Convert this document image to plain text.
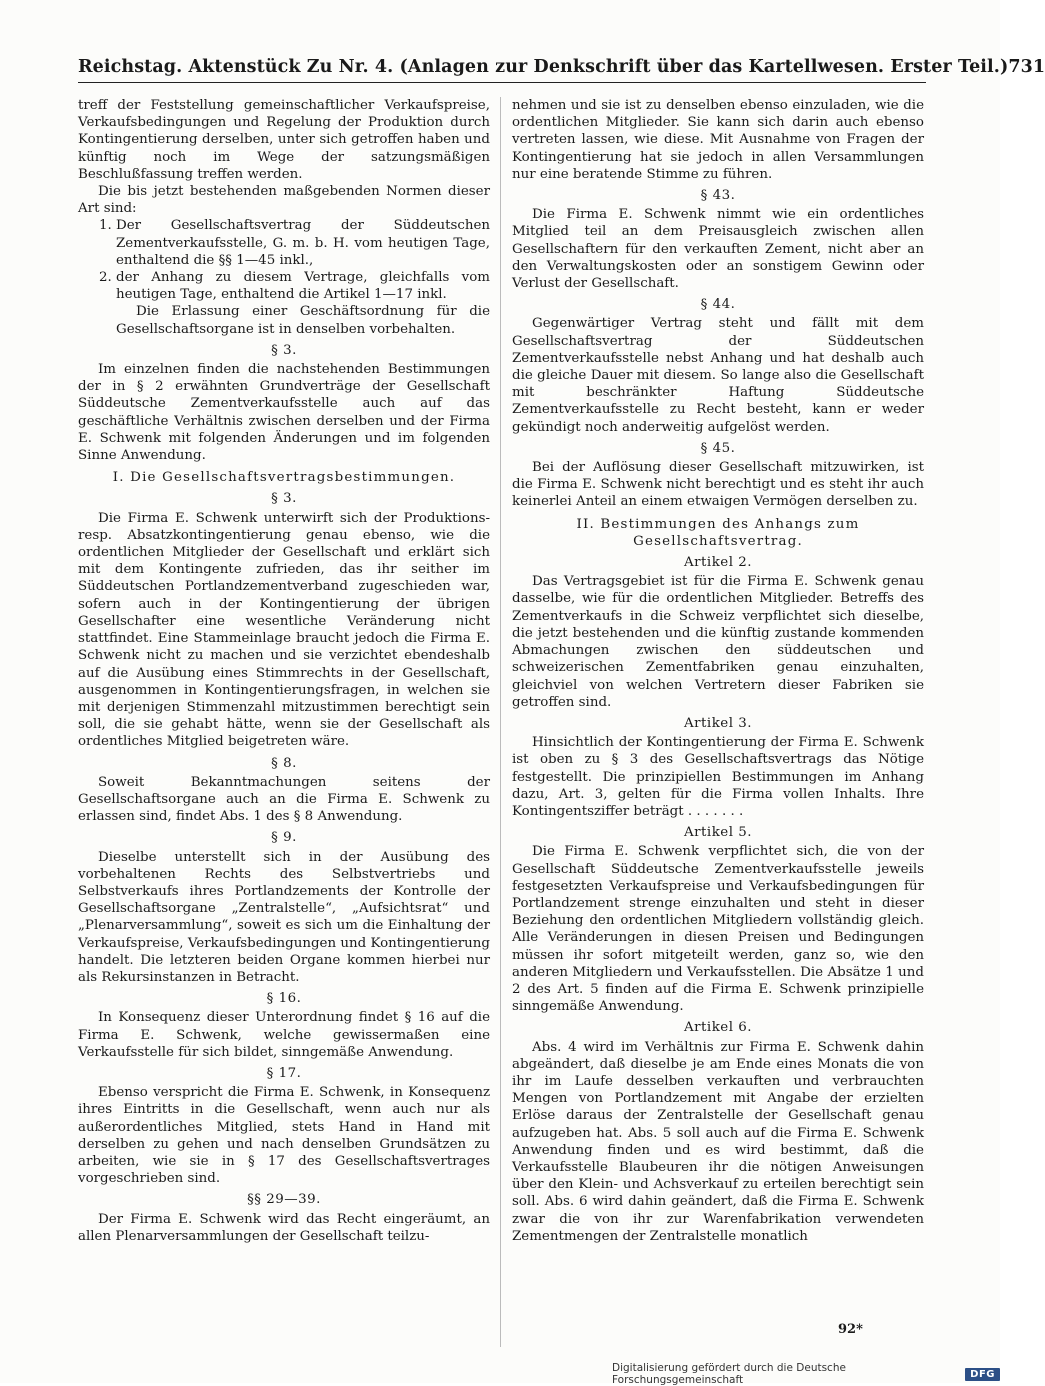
Reichstag. Aktenstück Zu Nr. 4. (Anlagen zur Denkschrift über das Kartellwesen. Erster Teil.) 731

treff der Feststellung gemeinschaftlicher Verkaufspreise, Verkaufsbedingungen und Regelung der Produktion durch Kontingentierung derselben, unter sich getroffen haben und künftig noch im Wege der satzungsmäßigen Beschlußfassung treffen werden.

Die bis jetzt bestehenden maßgebenden Normen dieser Art sind:

1. Der Gesellschaftsvertrag der Süddeutschen Zementverkaufsstelle, G. m. b. H. vom heutigen Tage, enthaltend die §§ 1—45 inkl.,
2. der Anhang zu diesem Vertrage, gleichfalls vom heutigen Tage, enthaltend die Artikel 1—17 inkl.

Die Erlassung einer Geschäftsordnung für die Gesellschaftsorgane ist in denselben vorbehalten.

§ 3.

Im einzelnen finden die nachstehenden Bestimmungen der in § 2 erwähnten Grundverträge der Gesellschaft Süddeutsche Zementverkaufsstelle auch auf das geschäftliche Verhältnis zwischen derselben und der Firma E. Schwenk mit folgenden Änderungen und im folgenden Sinne Anwendung.

I. Die Gesellschaftsvertragsbestimmungen.

§ 3.

Die Firma E. Schwenk unterwirft sich der Produktions- resp. Absatzkontingentierung genau ebenso, wie die ordentlichen Mitglieder der Gesellschaft und erklärt sich mit dem Kontingente zufrieden, das ihr seither im Süddeutschen Portlandzementverband zugeschieden war, sofern auch in der Kontingentierung der übrigen Gesellschafter eine wesentliche Veränderung nicht stattfindet. Eine Stammeinlage braucht jedoch die Firma E. Schwenk nicht zu machen und sie verzichtet ebendeshalb auf die Ausübung eines Stimmrechts in der Gesellschaft, ausgenommen in Kontingentierungsfragen, in welchen sie mit derjenigen Stimmenzahl mitzustimmen berechtigt sein soll, die sie gehabt hätte, wenn sie der Gesellschaft als ordentliches Mitglied beigetreten wäre.

§ 8.

Soweit Bekanntmachungen seitens der Gesellschaftsorgane auch an die Firma E. Schwenk zu erlassen sind, findet Abs. 1 des § 8 Anwendung.

§ 9.

Dieselbe unterstellt sich in der Ausübung des vorbehaltenen Rechts des Selbstvertriebs und Selbstverkaufs ihres Portlandzements der Kontrolle der Gesellschaftsorgane „Zentralstelle“, „Aufsichtsrat“ und „Plenarversammlung“, soweit es sich um die Einhaltung der Verkaufspreise, Verkaufsbedingungen und Kontingentierung handelt. Die letzteren beiden Organe kommen hierbei nur als Rekursinstanzen in Betracht.

§ 16.

In Konsequenz dieser Unterordnung findet § 16 auf die Firma E. Schwenk, welche gewissermaßen eine Verkaufsstelle für sich bildet, sinngemäße Anwendung.

§ 17.

Ebenso verspricht die Firma E. Schwenk, in Konsequenz ihres Eintritts in die Gesellschaft, wenn auch nur als außerordentliches Mitglied, stets Hand in Hand mit derselben zu gehen und nach denselben Grundsätzen zu arbeiten, wie sie in § 17 des Gesellschaftsvertrages vorgeschrieben sind.

§§ 29—39.

Der Firma E. Schwenk wird das Recht eingeräumt, an allen Plenarversammlungen der Gesellschaft teilzu-

nehmen und sie ist zu denselben ebenso einzuladen, wie die ordentlichen Mitglieder. Sie kann sich darin auch ebenso vertreten lassen, wie diese. Mit Ausnahme von Fragen der Kontingentierung hat sie jedoch in allen Versammlungen nur eine beratende Stimme zu führen.

§ 43.

Die Firma E. Schwenk nimmt wie ein ordentliches Mitglied teil an dem Preisausgleich zwischen allen Gesellschaftern für den verkauften Zement, nicht aber an den Verwaltungskosten oder an sonstigem Gewinn oder Verlust der Gesellschaft.

§ 44.

Gegenwärtiger Vertrag steht und fällt mit dem Gesellschaftsvertrag der Süddeutschen Zementverkaufsstelle nebst Anhang und hat deshalb auch die gleiche Dauer mit diesem. So lange also die Gesellschaft mit beschränkter Haftung Süddeutsche Zementverkaufsstelle zu Recht besteht, kann er weder gekündigt noch anderweitig aufgelöst werden.

§ 45.

Bei der Auflösung dieser Gesellschaft mitzuwirken, ist die Firma E. Schwenk nicht berechtigt und es steht ihr auch keinerlei Anteil an einem etwaigen Vermögen derselben zu.

II. Bestimmungen des Anhangs zum Gesellschaftsvertrag.

Artikel 2.

Das Vertragsgebiet ist für die Firma E. Schwenk genau dasselbe, wie für die ordentlichen Mitglieder. Betreffs des Zementverkaufs in die Schweiz verpflichtet sich dieselbe, die jetzt bestehenden und die künftig zustande kommenden Abmachungen zwischen den süddeutschen und schweizerischen Zementfabriken genau einzuhalten, gleichviel von welchen Vertretern dieser Fabriken sie getroffen sind.

Artikel 3.

Hinsichtlich der Kontingentierung der Firma E. Schwenk ist oben zu § 3 des Gesellschaftsvertrags das Nötige festgestellt. Die prinzipiellen Bestimmungen im Anhang dazu, Art. 3, gelten für die Firma vollen Inhalts. Ihre Kontingentsziffer beträgt . . . . . . .

Artikel 5.

Die Firma E. Schwenk verpflichtet sich, die von der Gesellschaft Süddeutsche Zementverkaufsstelle jeweils festgesetzten Verkaufspreise und Verkaufsbedingungen für Portlandzement strenge einzuhalten und steht in dieser Beziehung den ordentlichen Mitgliedern vollständig gleich. Alle Veränderungen in diesen Preisen und Bedingungen müssen ihr sofort mitgeteilt werden, ganz so, wie den anderen Mitgliedern und Verkaufsstellen. Die Absätze 1 und 2 des Art. 5 finden auf die Firma E. Schwenk prinzipielle sinngemäße Anwendung.

Artikel 6.

Abs. 4 wird im Verhältnis zur Firma E. Schwenk dahin abgeändert, daß dieselbe je am Ende eines Monats die von ihr im Laufe desselben verkauften und verbrauchten Mengen von Portlandzement mit Angabe der erzielten Erlöse daraus der Zentralstelle der Gesellschaft genau aufzugeben hat. Abs. 5 soll auch auf die Firma E. Schwenk Anwendung finden und es wird bestimmt, daß die Verkaufsstelle Blaubeuren ihr die nötigen Anweisungen über den Klein- und Achsverkauf zu erteilen berechtigt sein soll. Abs. 6 wird dahin geändert, daß die Firma E. Schwenk zwar die von ihr zur Warenfabrikation verwendeten Zementmengen der Zentralstelle monatlich

92*
Digitalisierung gefördert durch die Deutsche Forschungsgemeinschaft	DFG
